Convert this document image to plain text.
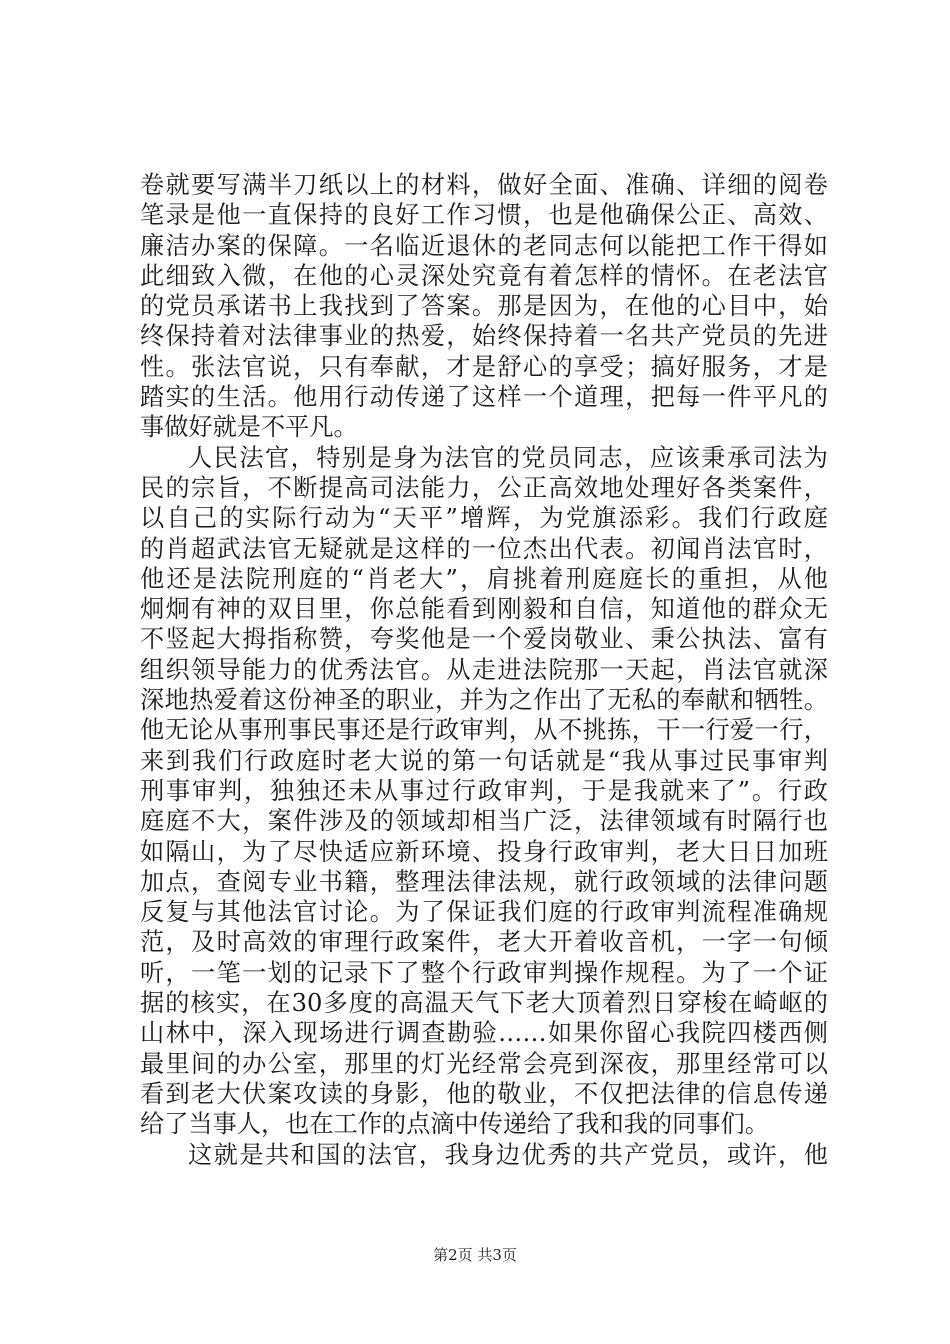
卷就要写满半刀纸以上的材料，做好全面、准确、详细的阅卷
笔录是他一直保持的良好工作习惯，也是他确保公正、高效、
廉洁办案的保障。一名临近退休的老同志何以能把工作干得如
此细致入微，在他的心灵深处究竟有着怎样的情怀。在老法官
的党员承诺书上我找到了答案。那是因为，在他的心目中，始
终保持着对法律事业的热爱，始终保持着一名共产党员的先进
性。张法官说，只有奉献，才是舒心的享受；搞好服务，才是
踏实的生活。他用行动传递了这样一个道理，把每一件平凡的
事做好就是不平凡。
人民法官，特别是身为法官的党员同志，应该秉承司法为
民的宗旨，不断提高司法能力，公正高效地处理好各类案件，
以自己的实际行动为“天平”增辉，为党旗添彩。我们行政庭
的肖超武法官无疑就是这样的一位杰出代表。初闻肖法官时，
他还是法院刑庭的“肖老大”，肩挑着刑庭庭长的重担，从他
炯炯有神的双目里，你总能看到刚毅和自信，知道他的群众无
不竖起大拇指称赞，夸奖他是一个爱岗敬业、秉公执法、富有
组织领导能力的优秀法官。从走进法院那一天起，肖法官就深
深地热爱着这份神圣的职业，并为之作出了无私的奉献和牺牲。
他无论从事刑事民事还是行政审判，从不挑拣，干一行爱一行，
来到我们行政庭时老大说的第一句话就是“我从事过民事审判
刑事审判，独独还未从事过行政审判，于是我就来了”。行政
庭庭不大，案件涉及的领域却相当广泛，法律领域有时隔行也
如隔山，为了尽快适应新环境、投身行政审判，老大日日加班
加点，查阅专业书籍，整理法律法规，就行政领域的法律问题
反复与其他法官讨论。为了保证我们庭的行政审判流程准确规
范，及时高效的审理行政案件，老大开着收音机，一字一句倾
听，一笔一划的记录下了整个行政审判操作规程。为了一个证
据的核实，在30多度的高温天气下老大顶着烈日穿梭在崎岖的
山林中，深入现场进行调查勘验……如果你留心我院四楼西侧
最里间的办公室，那里的灯光经常会亮到深夜，那里经常可以
看到老大伏案攻读的身影，他的敬业，不仅把法律的信息传递
给了当事人，也在工作的点滴中传递给了我和我的同事们。
这就是共和国的法官，我身边优秀的共产党员，或许，他
第2页 共3页
